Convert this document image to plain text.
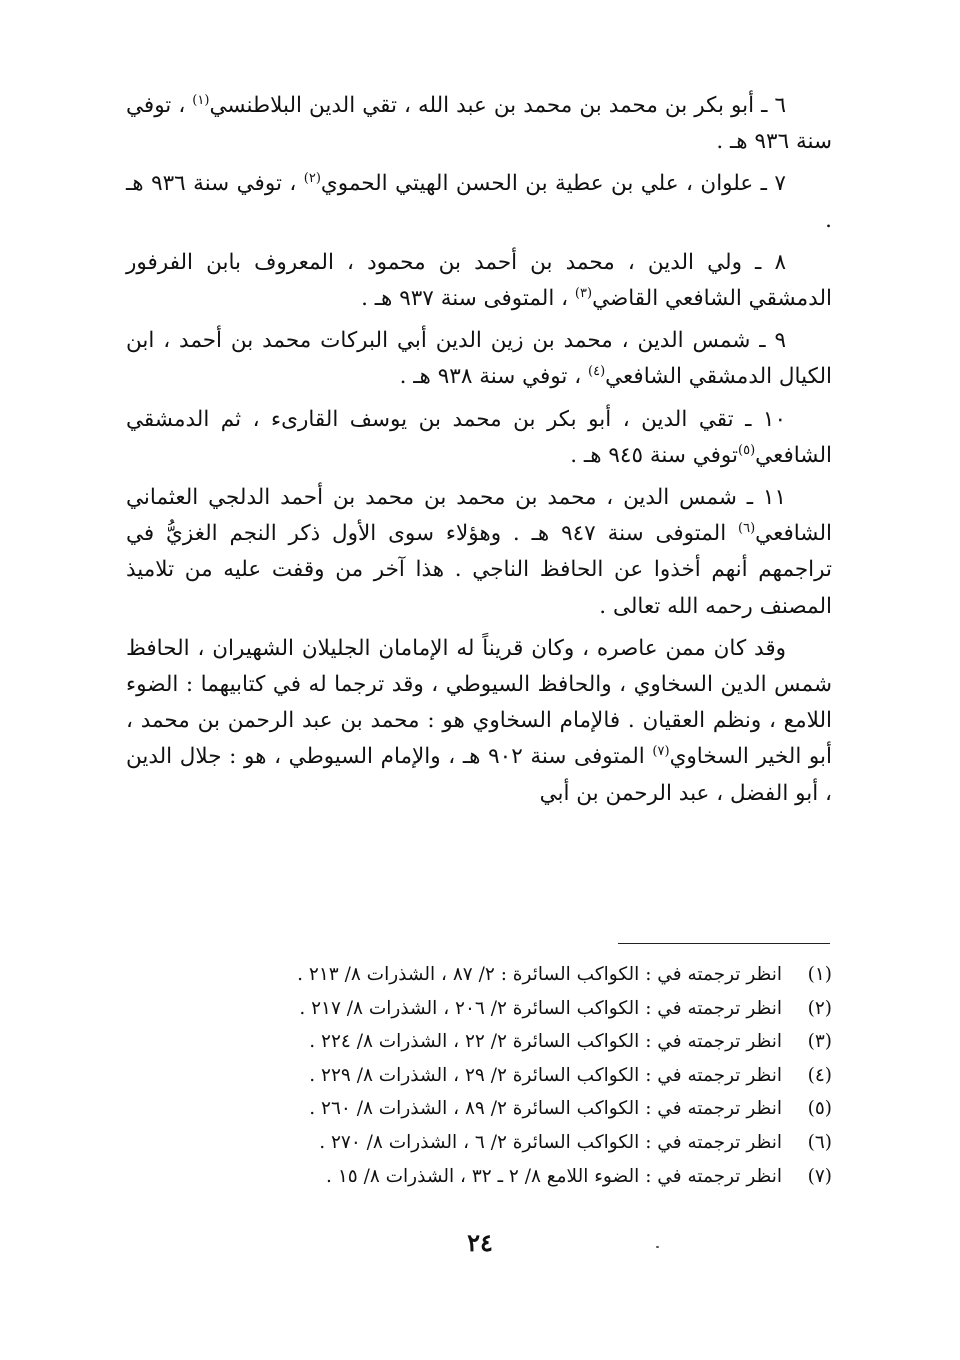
٦ ـ أبو بكر بن محمد بن محمد بن عبد الله ، تقي الدين البلاطنسي$^{(١)}$ ، توفي سنة ٩٣٦ هـ .

٧ ـ علوان ، علي بن عطية بن الحسن الهيتي الحموي$^{(٢)}$ ، توفي سنة ٩٣٦ هـ .

٨ ـ ولي الدين ، محمد بن أحمد بن محمود ، المعروف بابن الفرفور الدمشقي الشافعي القاضي$^{(٣)}$ ، المتوفى سنة ٩٣٧ هـ .

٩ ـ شمس الدين ، محمد بن زين الدين أبي البركات محمد بن أحمد ، ابن الكيال الدمشقي الشافعي$^{(٤)}$ ، توفي سنة ٩٣٨ هـ .

١٠ ـ تقي الدين ، أبو بكر بن محمد بن يوسف القارىء ، ثم الدمشقي الشافعي$^{(٥)}$توفي سنة ٩٤٥ هـ .

١١ ـ شمس الدين ، محمد بن محمد بن محمد بن أحمد الدلجي العثماني الشافعي$^{(٦)}$ المتوفى سنة ٩٤٧ هـ . وهؤلاء سوى الأول ذكر النجم الغزيُّ في تراجمهم أنهم أخذوا عن الحافظ الناجي . هذا آخر من وقفت عليه من تلاميذ المصنف رحمه الله تعالى .

وقد كان ممن عاصره ، وكان قريناً له الإمامان الجليلان الشهيران ، الحافظ شمس الدين السخاوي ، والحافظ السيوطي ، وقد ترجما له في كتابيهما : الضوء اللامع ، ونظم العقيان . فالإمام السخاوي هو : محمد بن عبد الرحمن بن محمد ، أبو الخير السخاوي$^{(٧)}$ المتوفى سنة ٩٠٢ هـ ، والإمام السيوطي ، هو : جلال الدين ، أبو الفضل ، عبد الرحمن بن أبي

(١)
انظر ترجمته في : الكواكب السائرة : ٢/ ٨٧ ، الشذرات ٨/ ٢١٣ .
(٢)
انظر ترجمته في : الكواكب السائرة ٢/ ٢٠٦ ، الشذرات ٨/ ٢١٧ .
(٣)
انظر ترجمته في : الكواكب السائرة ٢/ ٢٢ ، الشذرات ٨/ ٢٢٤ .
(٤)
انظر ترجمته في : الكواكب السائرة ٢/ ٢٩ ، الشذرات ٨/ ٢٢٩ .
(٥)
انظر ترجمته في : الكواكب السائرة ٢/ ٨٩ ، الشذرات ٨/ ٢٦٠ .
(٦)
انظر ترجمته في : الكواكب السائرة ٢/ ٦ ، الشذرات ٨/ ٢٧٠ .
(٧)
انظر ترجمته في : الضوء اللامع ٨/ ٢ ـ ٣٢ ، الشذرات ٨/ ١٥ .
٢٤
